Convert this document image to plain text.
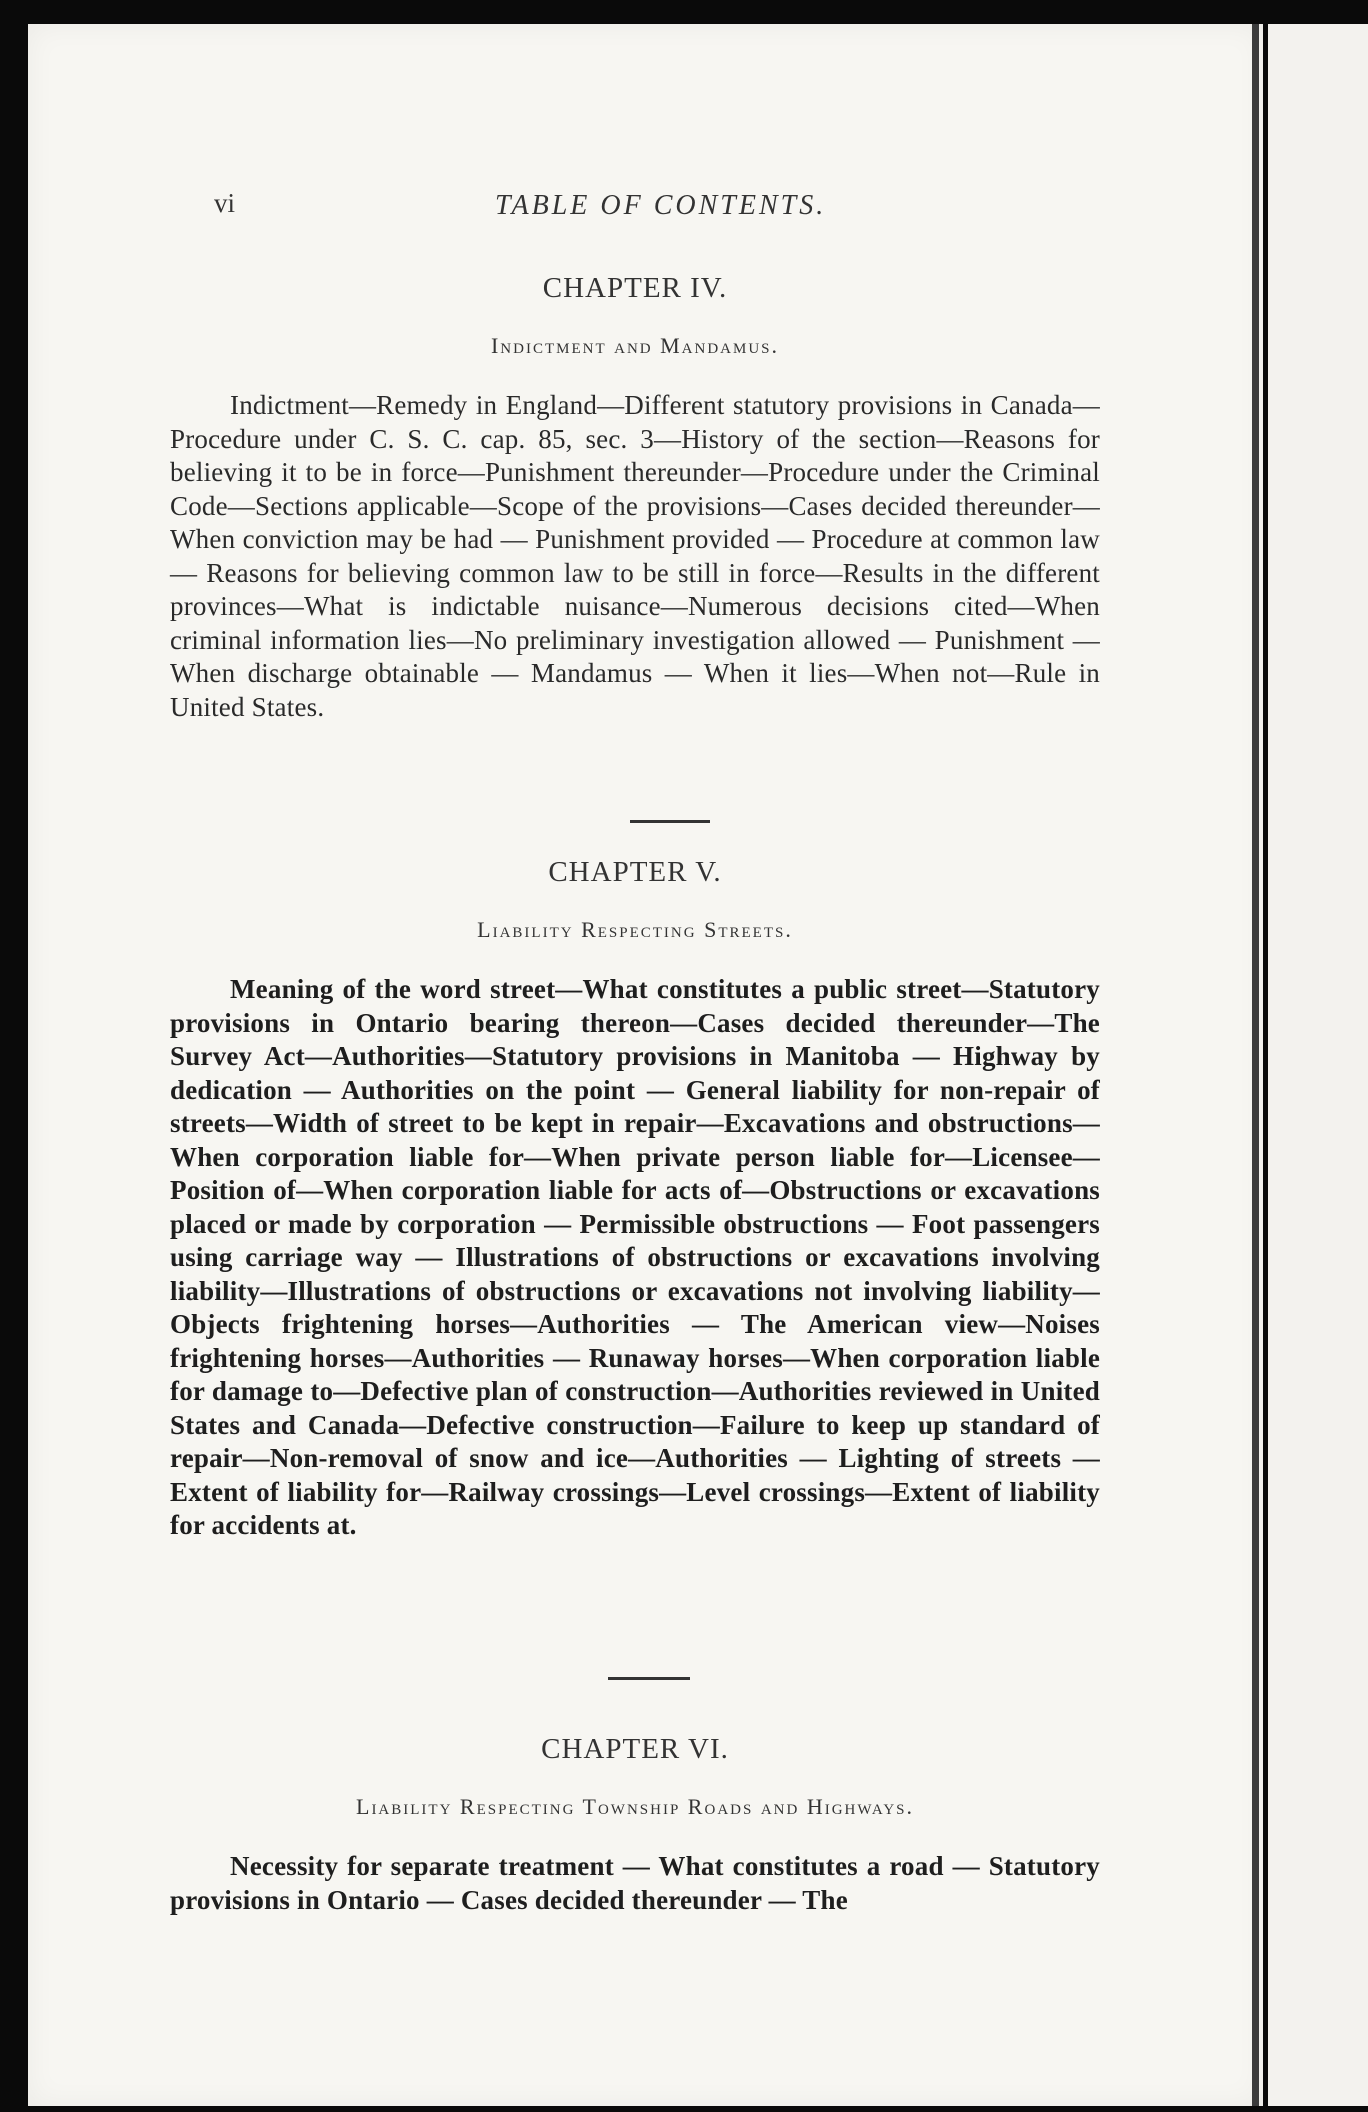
vi	TABLE OF CONTENTS.
CHAPTER IV.
Indictment and Mandamus.

Indictment—Remedy in England—Different statutory provisions in Canada—Procedure under C. S. C. cap. 85, sec. 3—History of the section—Reasons for believing it to be in force—Punishment thereunder—Procedure under the Criminal Code—Sections applicable—Scope of the provisions—Cases decided thereunder—When conviction may be had — Punishment provided — Procedure at common law — Reasons for believing common law to be still in force—Results in the different provinces—What is indictable nuisance—Numerous decisions cited—When criminal information lies—No preliminary investigation allowed — Punishment — When discharge obtainable — Mandamus — When it lies—When not—Rule in United States.

CHAPTER V.
Liability Respecting Streets.

Meaning of the word street—What constitutes a public street—Statutory provisions in Ontario bearing thereon—Cases decided thereunder—The Survey Act—Authorities—Statutory provisions in Manitoba — Highway by dedication — Authorities on the point — General liability for non-repair of streets—Width of street to be kept in repair—Excavations and obstructions—When corporation liable for—When private person liable for—Licensee—Position of—When corporation liable for acts of—Obstructions or excavations placed or made by corporation — Permissible obstructions — Foot passengers using carriage way — Illustrations of obstructions or excavations involving liability—Illustrations of obstructions or excavations not involving liability—Objects frightening horses—Authorities — The American view—Noises frightening horses—Authorities — Runaway horses—When corporation liable for damage to—Defective plan of construction—Authorities reviewed in United States and Canada—Defective construction—Failure to keep up standard of repair—Non-removal of snow and ice—Authorities — Lighting of streets — Extent of liability for—Railway crossings—Level crossings—Extent of liability for accidents at.

CHAPTER VI.
Liability Respecting Township Roads and Highways.

Necessity for separate treatment — What constitutes a road — Statutory provisions in Ontario — Cases decided thereunder — The
